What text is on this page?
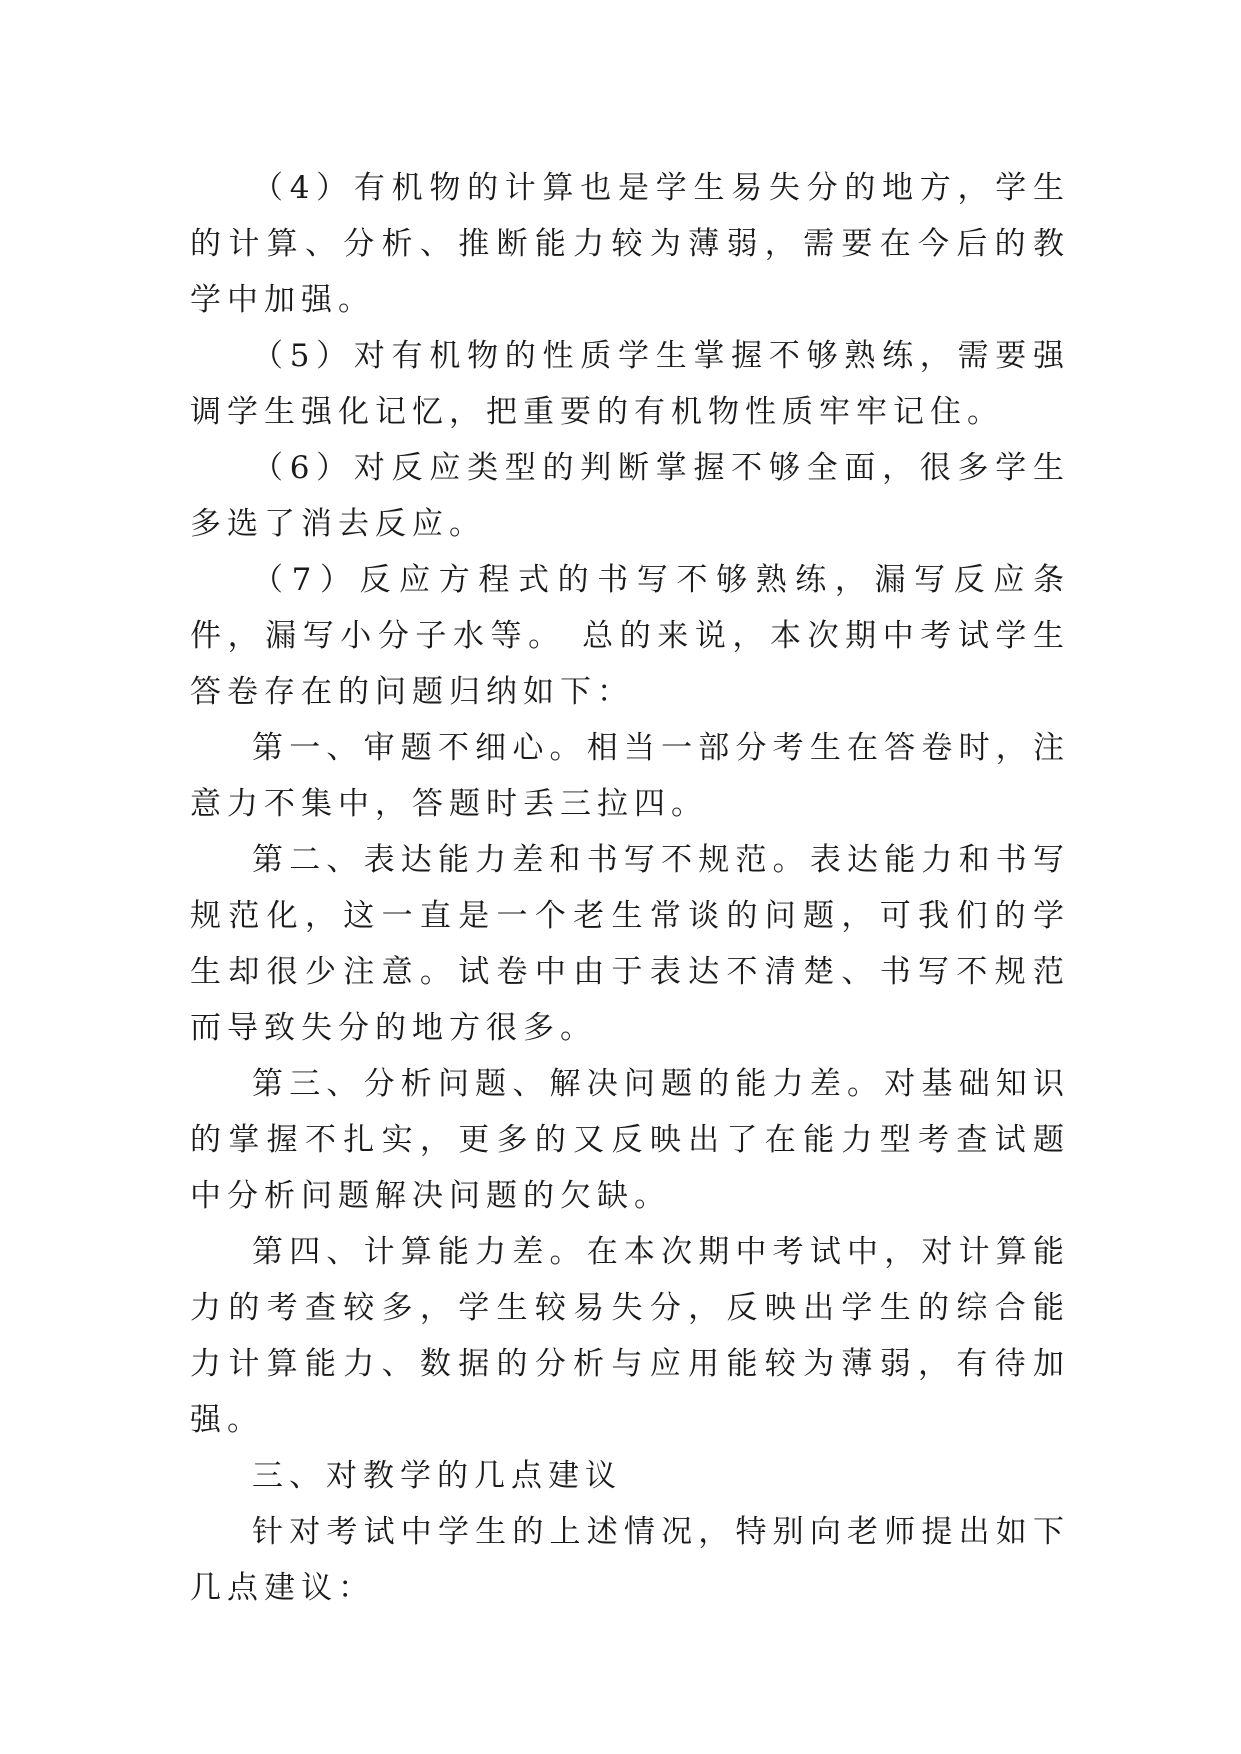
（4）有机物的计算也是学生易失分的地方，学生的计算、分析、推断能力较为薄弱，需要在今后的教学中加强。

（5）对有机物的性质学生掌握不够熟练，需要强调学生强化记忆，把重要的有机物性质牢牢记住。

（6）对反应类型的判断掌握不够全面，很多学生多选了消去反应。

（7）反应方程式的书写不够熟练，漏写反应条件，漏写小分子水等。 总的来说，本次期中考试学生答卷存在的问题归纳如下：

第一、审题不细心。相当一部分考生在答卷时，注意力不集中，答题时丢三拉四。

第二、表达能力差和书写不规范。表达能力和书写规范化，这一直是一个老生常谈的问题，可我们的学生却很少注意。试卷中由于表达不清楚、书写不规范而导致失分的地方很多。

第三、分析问题、解决问题的能力差。对基础知识的掌握不扎实，更多的又反映出了在能力型考查试题中分析问题解决问题的欠缺。

第四、计算能力差。在本次期中考试中，对计算能力的考查较多，学生较易失分，反映出学生的综合能力计算能力、数据的分析与应用能较为薄弱，有待加强。

三、对教学的几点建议

针对考试中学生的上述情况，特别向老师提出如下几点建议：
